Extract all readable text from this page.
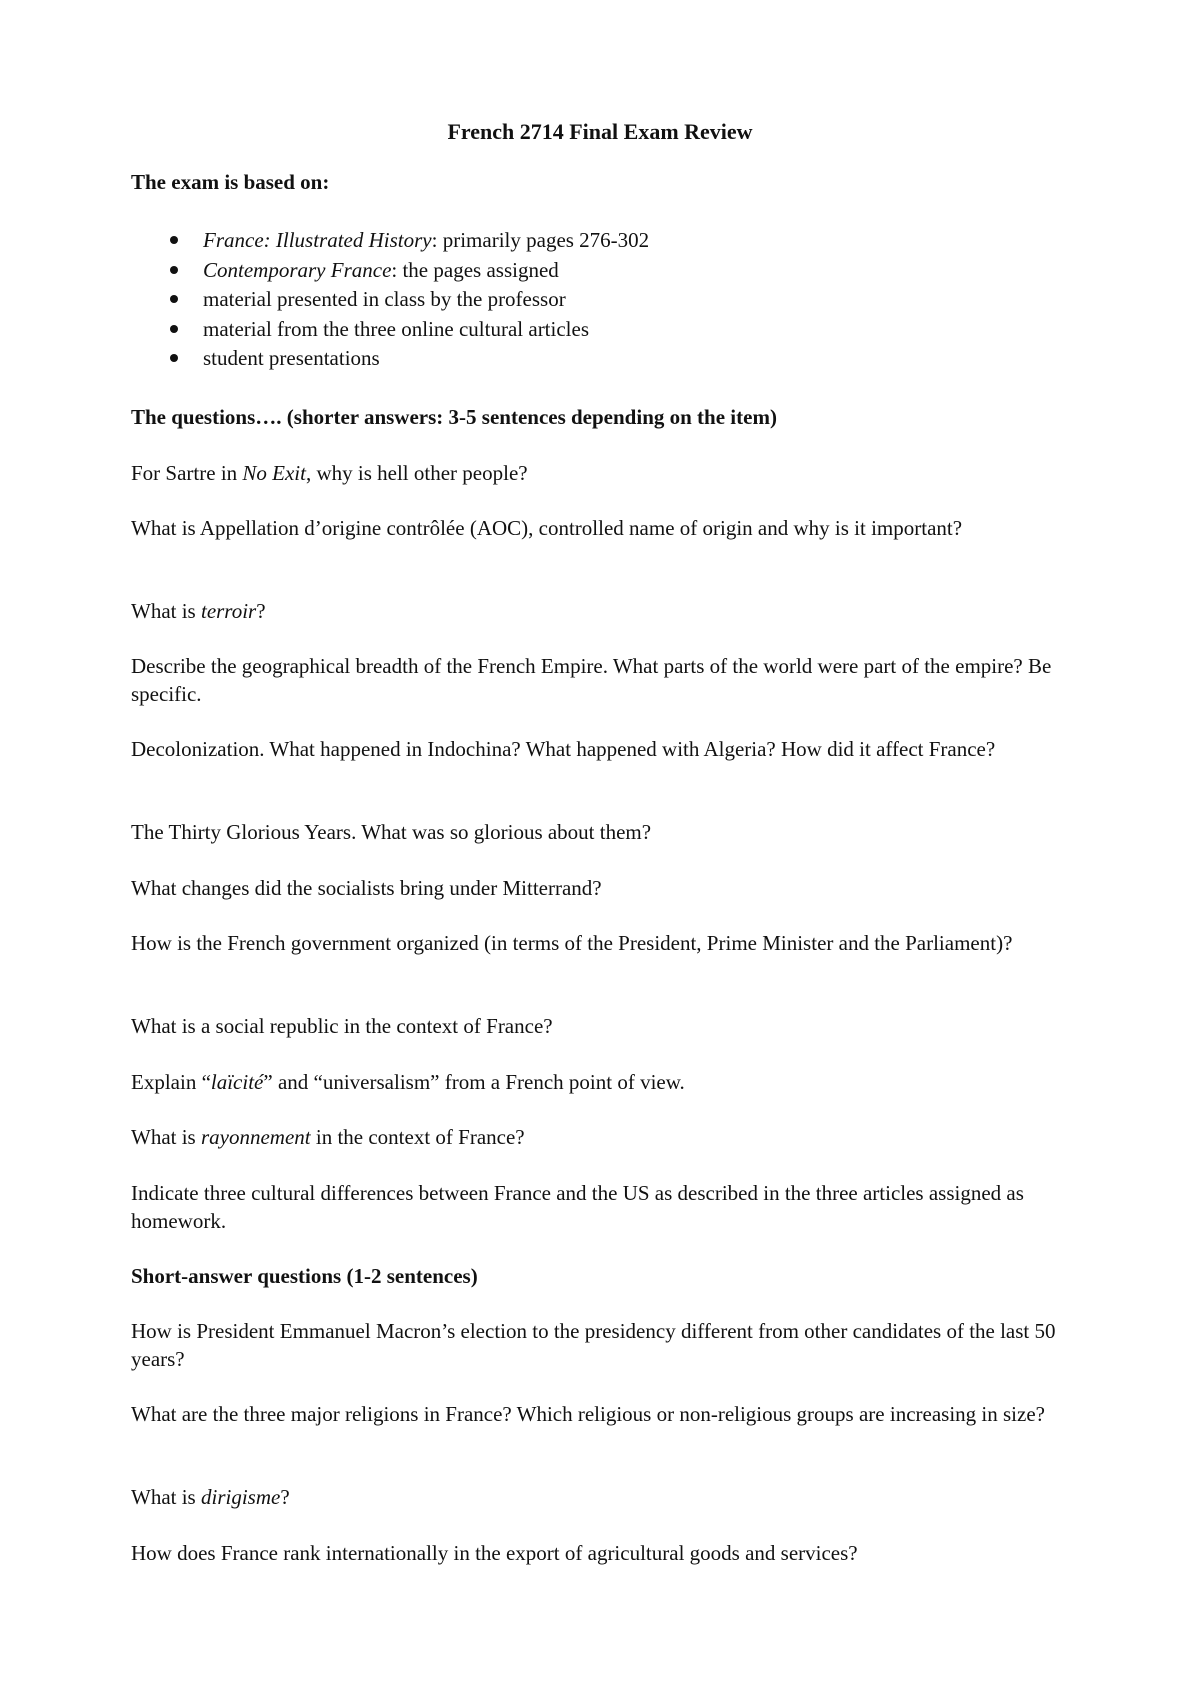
French 2714 Final Exam Review

The exam is based on:

France: Illustrated History: primarily pages 276-302
Contemporary France: the pages assigned
material presented in class by the professor
material from the three online cultural articles
student presentations

The questions…. (shorter answers: 3-5 sentences depending on the item)

For Sartre in No Exit, why is hell other people?

What is Appellation d’origine contrôlée (AOC), controlled name of origin and why is it important?

What is terroir?

Describe the geographical breadth of the French Empire. What parts of the world were part of the empire? Be specific.

Decolonization. What happened in Indochina? What happened with Algeria? How did it affect France?

The Thirty Glorious Years. What was so glorious about them?

What changes did the socialists bring under Mitterrand?

How is the French government organized (in terms of the President, Prime Minister and the Parliament)?

What is a social republic in the context of France?

Explain “laïcité” and “universalism” from a French point of view.

What is rayonnement in the context of France?

Indicate three cultural differences between France and the US as described in the three articles assigned as homework.

Short-answer questions (1-2 sentences)

How is President Emmanuel Macron’s election to the presidency different from other candidates of the last 50 years?

What are the three major religions in France? Which religious or non-religious groups are increasing in size?

What is dirigisme?

How does France rank internationally in the export of agricultural goods and services?
